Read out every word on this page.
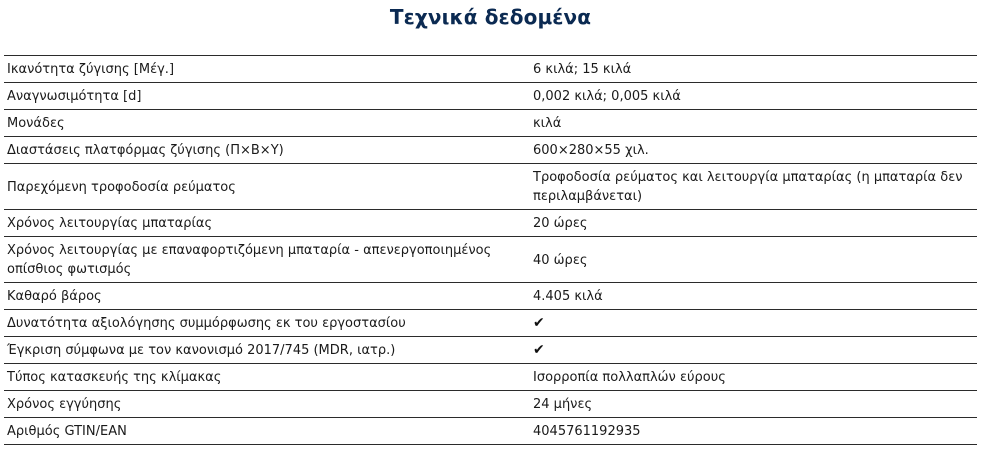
Τεχνικά δεδομένα
Ικανότητα ζύγισης [Μέγ.]	6 κιλά; 15 κιλά
Αναγνωσιμότητα [d]	0,002 κιλά; 0,005 κιλά
Μονάδες	κιλά
Διαστάσεις πλατφόρμας ζύγισης (Π×Β×Υ)	600×280×55 χιλ.
Παρεχόμενη τροφοδοσία ρεύματος	Τροφοδοσία ρεύματος και λειτουργία μπαταρίας (η μπαταρία δεν περιλαμβάνεται)
Χρόνος λειτουργίας μπαταρίας	20 ώρες
Χρόνος λειτουργίας με επαναφορτιζόμενη μπαταρία - απενεργοποιημένος οπίσθιος φωτισμός	40 ώρες
Καθαρό βάρος	4.405 κιλά
Δυνατότητα αξιολόγησης συμμόρφωσης εκ του εργοστασίου	✔
Έγκριση σύμφωνα με τον κανονισμό 2017/745 (MDR, ιατρ.)	✔
Τύπος κατασκευής της κλίμακας	Ισορροπία πολλαπλών εύρους
Χρόνος εγγύησης	24 μήνες
Αριθμός GTIN/EAN	4045761192935
